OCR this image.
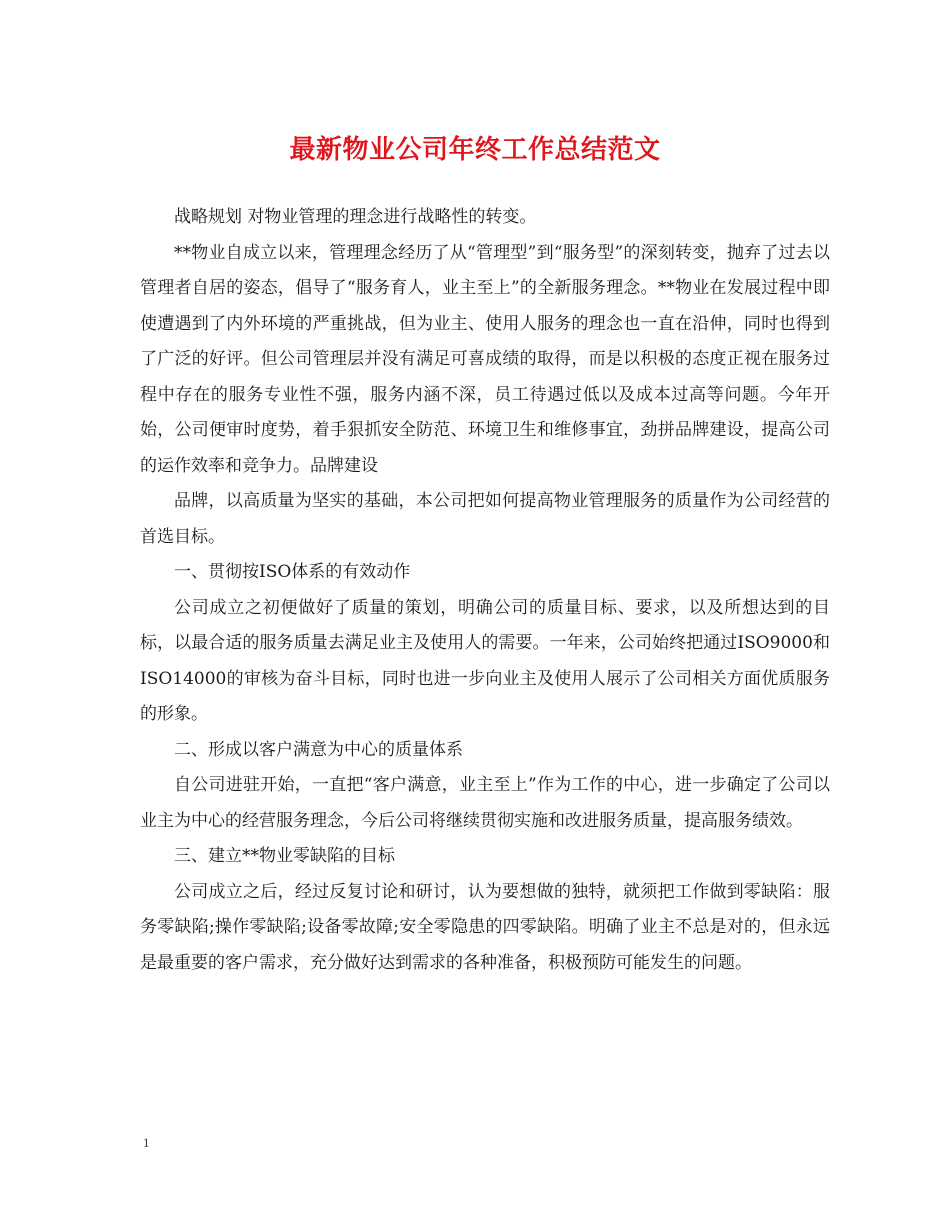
最新物业公司年终工作总结范文

战略规划 对物业管理的理念进行战略性的转变。

**物业自成立以来，管理理念经历了从“管理型”到“服务型”的深刻转变，抛弃了过去以管理者自居的姿态，倡导了“服务育人，业主至上”的全新服务理念。**物业在发展过程中即使遭遇到了内外环境的严重挑战，但为业主、使用人服务的理念也一直在沿伸，同时也得到了广泛的好评。但公司管理层并没有满足可喜成绩的取得，而是以积极的态度正视在服务过程中存在的服务专业性不强，服务内涵不深，员工待遇过低以及成本过高等问题。今年开始，公司便审时度势，着手狠抓安全防范、环境卫生和维修事宜，劲拼品牌建设，提高公司的运作效率和竞争力。品牌建设

品牌，以高质量为坚实的基础，本公司把如何提高物业管理服务的质量作为公司经营的首选目标。

一、贯彻按ISO体系的有效动作

公司成立之初便做好了质量的策划，明确公司的质量目标、要求，以及所想达到的目标，以最合适的服务质量去满足业主及使用人的需要。一年来，公司始终把通过ISO9000和ISO14000的审核为奋斗目标，同时也进一步向业主及使用人展示了公司相关方面优质服务的形象。

二、形成以客户满意为中心的质量体系

自公司进驻开始，一直把“客户满意，业主至上”作为工作的中心，进一步确定了公司以业主为中心的经营服务理念，今后公司将继续贯彻实施和改进服务质量，提高服务绩效。

三、建立**物业零缺陷的目标

公司成立之后，经过反复讨论和研讨，认为要想做的独特，就须把工作做到零缺陷：服务零缺陷;操作零缺陷;设备零故障;安全零隐患的四零缺陷。明确了业主不总是对的，但永远是最重要的客户需求，充分做好达到需求的各种准备，积极预防可能发生的问题。

1
